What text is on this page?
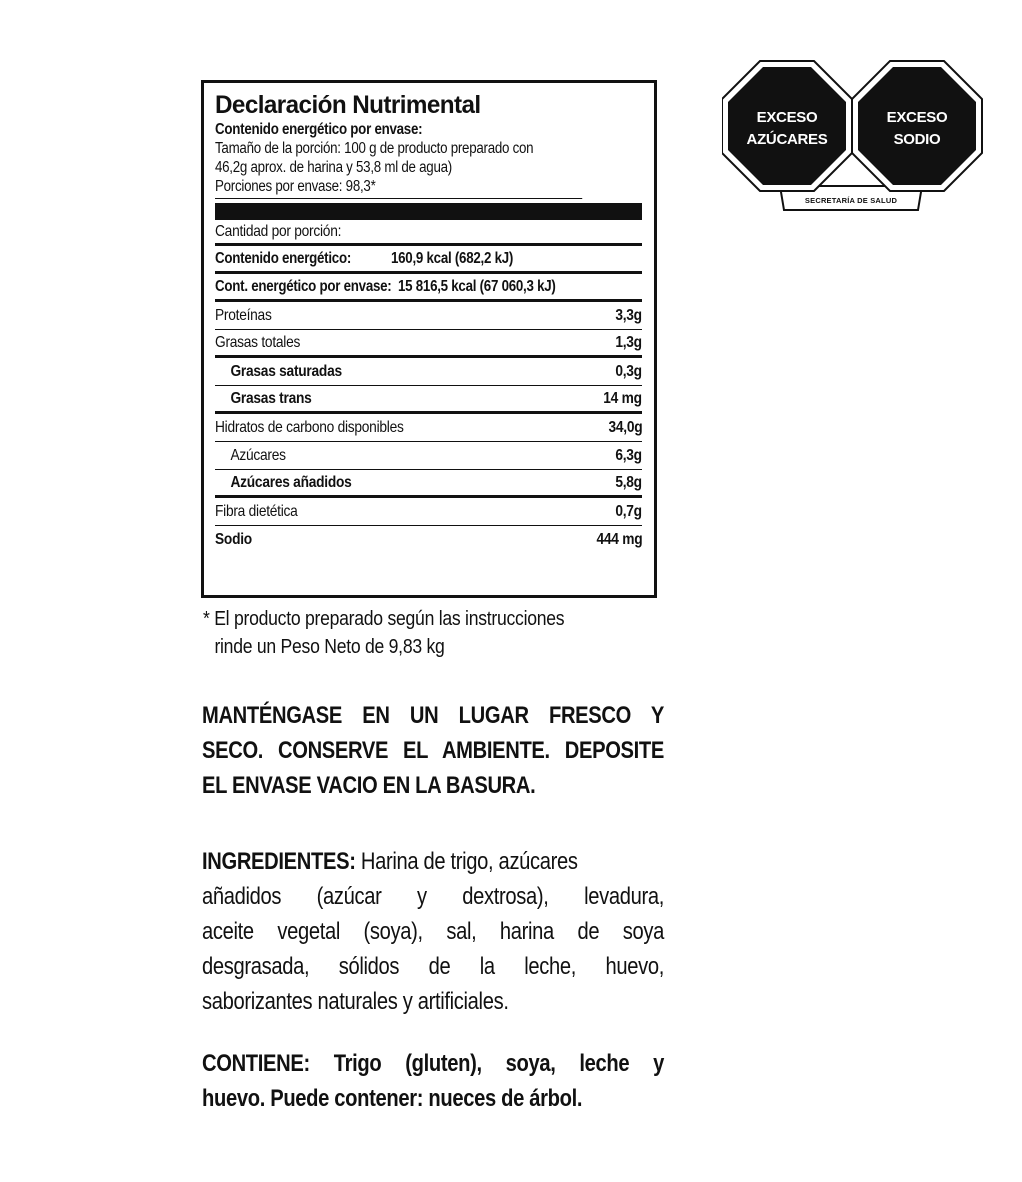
Declaración Nutrimental
Contenido energético por envase:
Tamaño de la porción: 100 g de producto preparado con
46,2g aprox. de harina y 53,8 ml de agua)
Porciones por envase: 98,3*
Cantidad por porción:
Contenido energético:	160,9 kcal (682,2 kJ)
Cont. energético por envase: 15 816,5 kcal (67 060,3 kJ)
Proteínas	3,3g
Grasas totales	1,3g
Grasas saturadas	0,3g
Grasas trans	14 mg
Hidratos de carbono disponibles	34,0g
Azúcares	6,3g
Azúcares añadidos	5,8g
Fibra dietética	0,7g
Sodio	444 mg
* El producto preparado según las instrucciones
rinde un Peso Neto de 9,83 kg
MANTÉNGASE EN UN LUGAR FRESCO Y
SECO. CONSERVE EL AMBIENTE. DEPOSITE
EL ENVASE VACIO EN LA BASURA.
INGREDIENTES: Harina de trigo, azúcares
añadidos (azúcar y dextrosa), levadura,
aceite vegetal (soya), sal, harina de soya
desgrasada, sólidos de la leche, huevo,
saborizantes naturales y artificiales.
CONTIENE: Trigo (gluten), soya, leche y
huevo. Puede contener: nueces de árbol.
SECRETARÍA DE SALUD
EXCESO
AZÚCARES
EXCESO
SODIO
